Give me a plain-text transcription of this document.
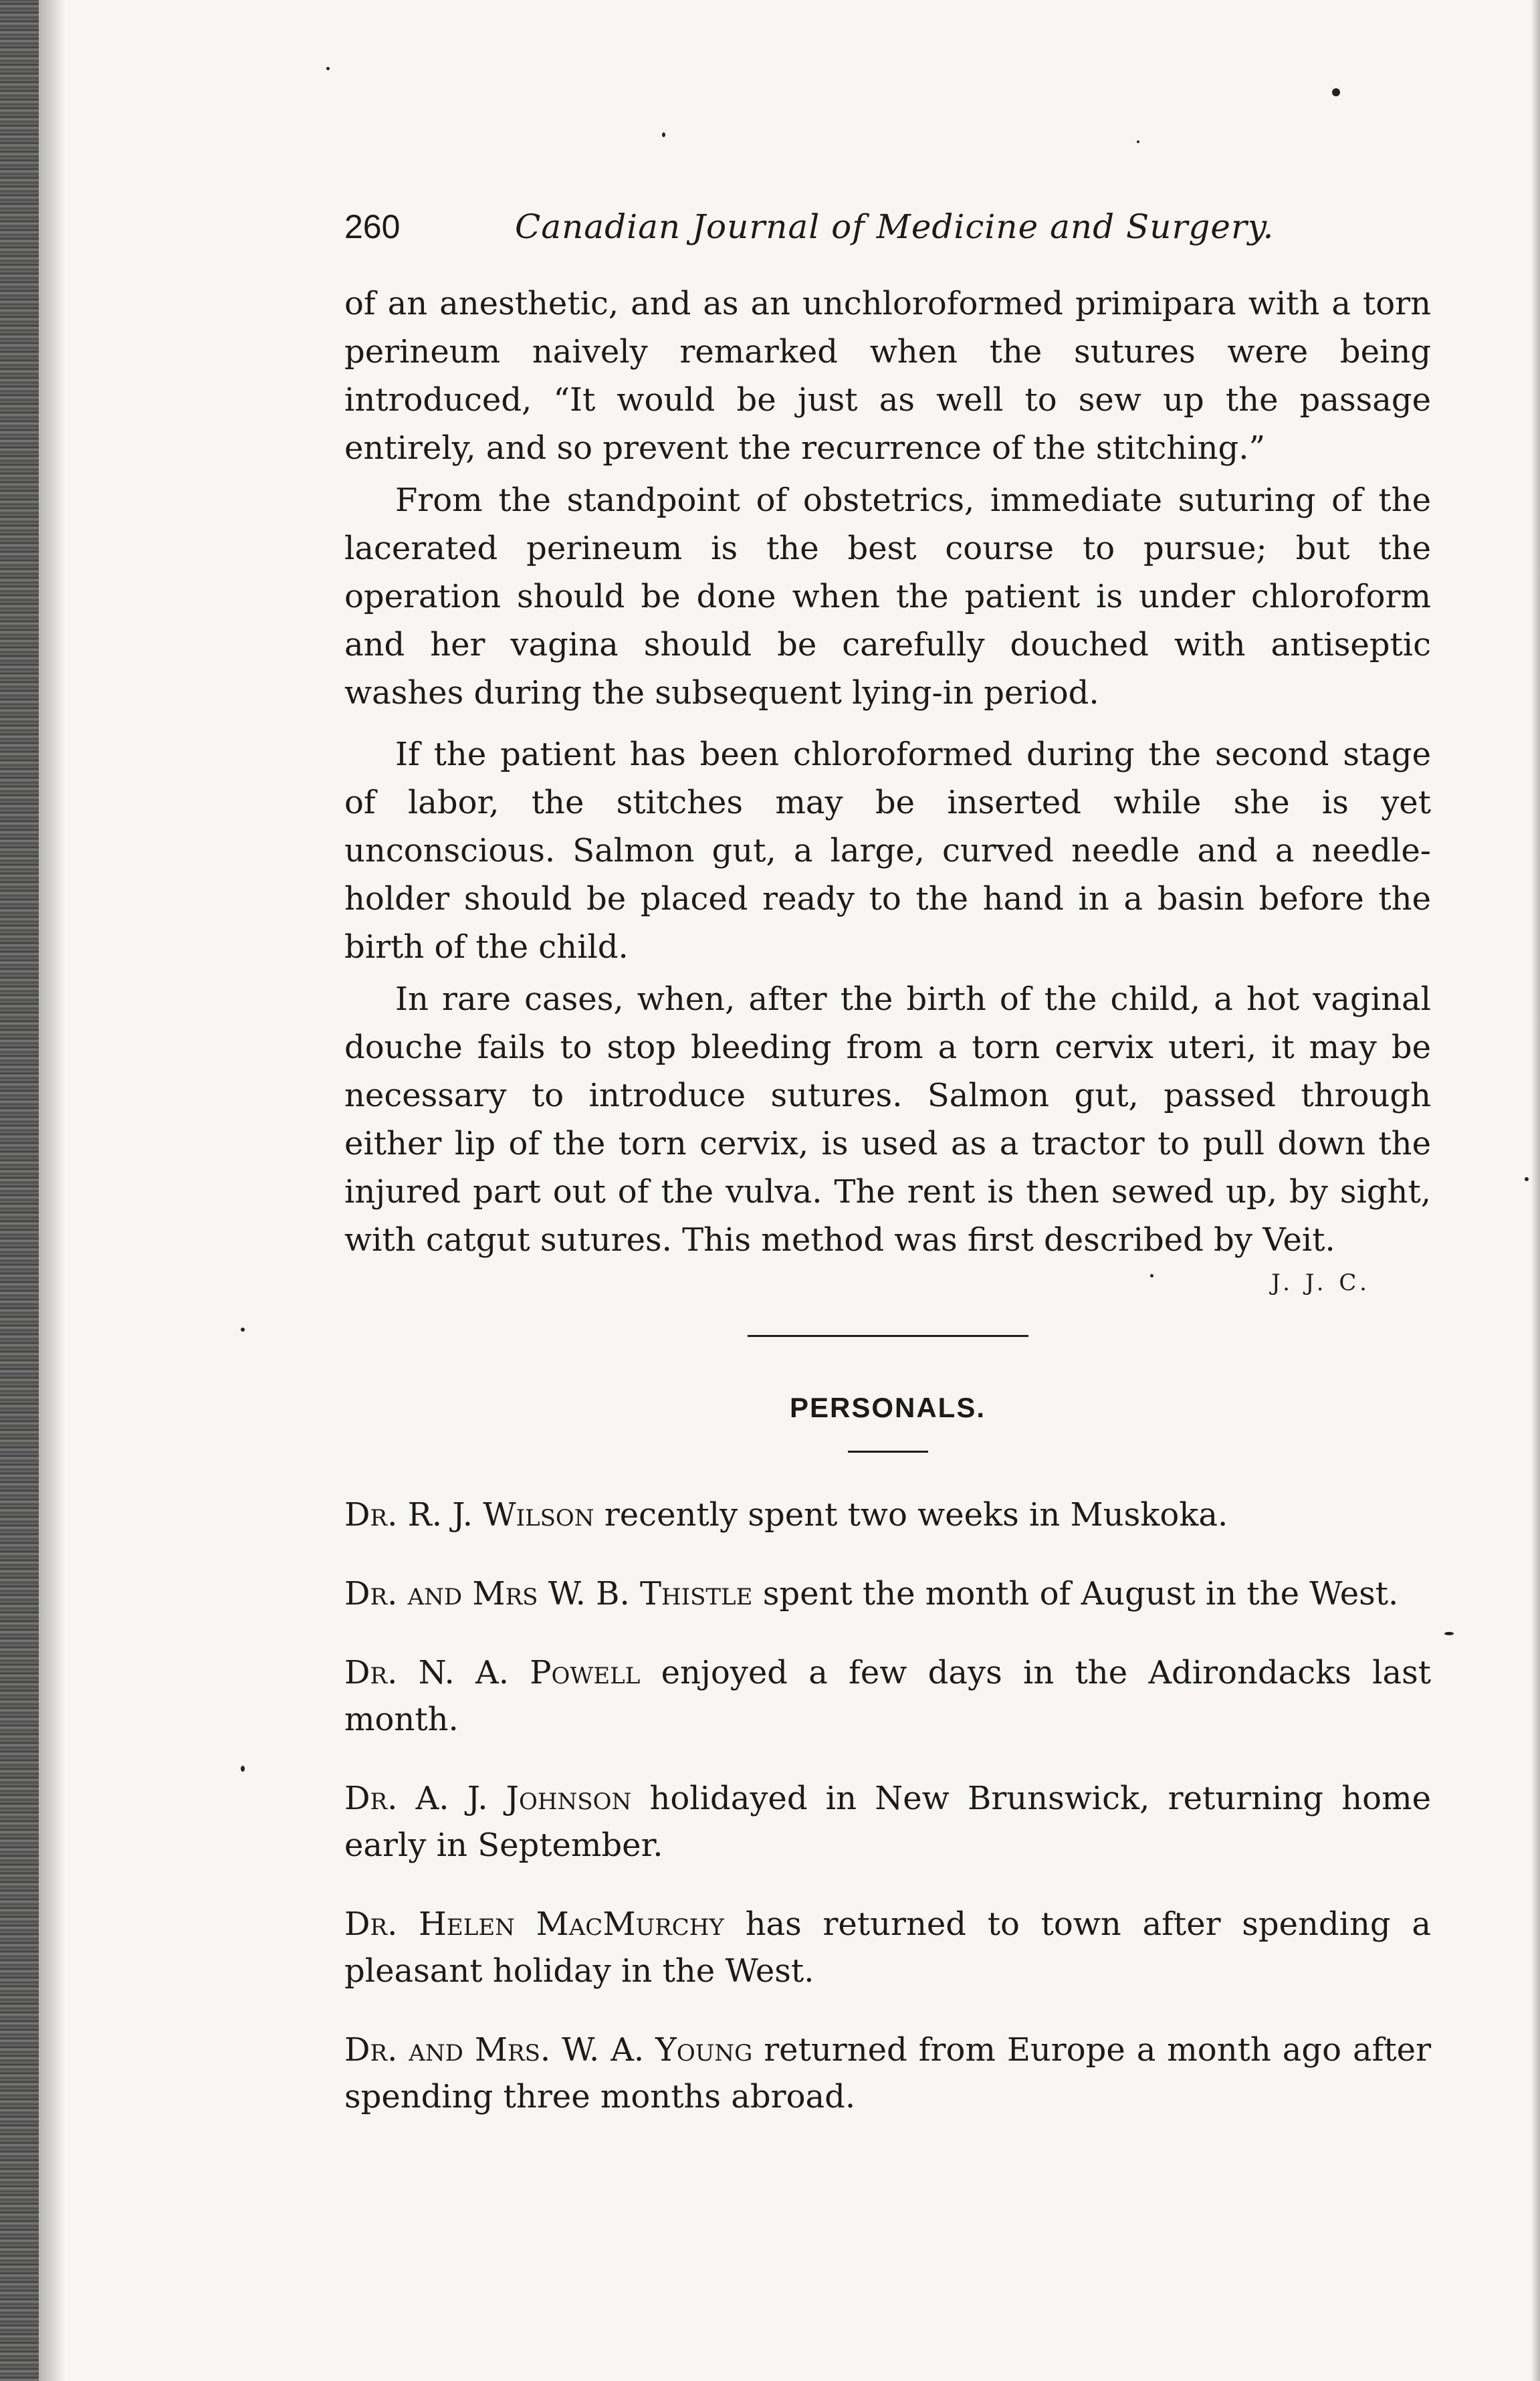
260	Canadian Journal of Medicine and Surgery.

of an anesthetic, and as an unchloroformed primipara with a torn perineum naively remarked when the sutures were being introduced, “It would be just as well to sew up the passage entirely, and so prevent the recurrence of the stitching.”

From the standpoint of obstetrics, immediate suturing of the lacerated perineum is the best course to pursue; but the operation should be done when the patient is under chloroform and her vagina should be carefully douched with antiseptic washes during the subsequent lying-in period.

If the patient has been chloroformed during the second stage of labor, the stitches may be inserted while she is yet unconscious. Salmon gut, a large, curved needle and a needle-holder should be placed ready to the hand in a basin before the birth of the child.

In rare cases, when, after the birth of the child, a hot vaginal douche fails to stop bleeding from a torn cervix uteri, it may be necessary to introduce sutures. Salmon gut, passed through either lip of the torn cervix, is used as a tractor to pull down the injured part out of the vulva. The rent is then sewed up, by sight, with catgut sutures. This method was first described by Veit.

J. J. C.
PERSONALS.

Dr. R. J. Wilson recently spent two weeks in Muskoka.

Dr. and Mrs W. B. Thistle spent the month of August in the West.

Dr. N. A. Powell enjoyed a few days in the Adirondacks last month.

Dr. A. J. Johnson holidayed in New Brunswick, returning home early in September.

Dr. Helen MacMurchy has returned to town after spending a pleasant holiday in the West.

Dr. and Mrs. W. A. Young returned from Europe a month ago after spending three months abroad.
